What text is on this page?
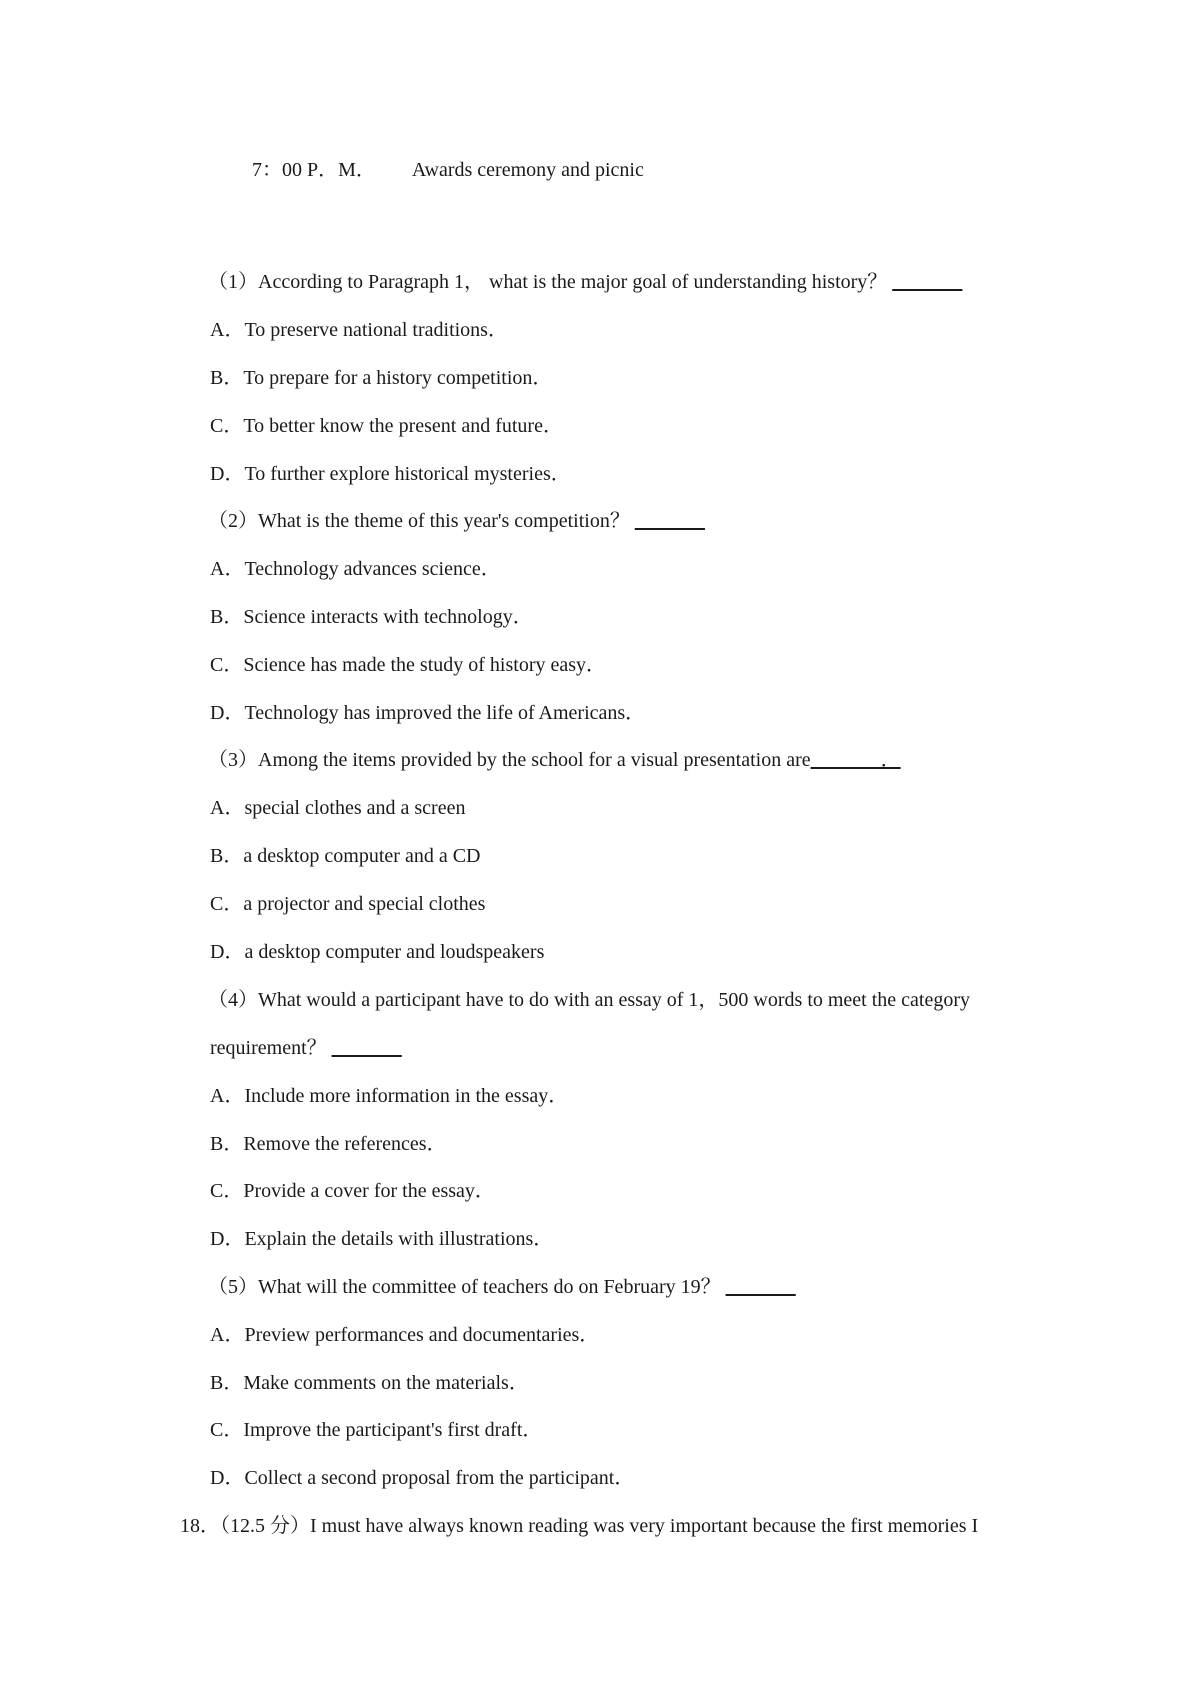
7：00 P．M． Awards ceremony and picnic
（1）According to Paragraph 1， what is the major goal of understanding history？ _______
A．To preserve national traditions．
B．To prepare for a history competition．
C．To better know the present and future．
D．To further explore historical mysteries．
（2）What is the theme of this year's competition？ _______
A．Technology advances science．
B．Science interacts with technology．
C．Science has made the study of history easy．
D．Technology has improved the life of Americans．
（3）Among the items provided by the school for a visual presentation are_______．
A．special clothes and a screen
B．a desktop computer and a CD
C．a projector and special clothes
D．a desktop computer and loudspeakers
（4）What would a participant have to do with an essay of 1，500 words to meet the category
requirement？ _______
A．Include more information in the essay．
B．Remove the references．
C．Provide a cover for the essay．
D．Explain the details with illustrations．
（5）What will the committee of teachers do on February 19？ _______
A．Preview performances and documentaries．
B．Make comments on the materials．
C．Improve the participant's first draft．
D．Collect a second proposal from the participant．
18．（12.5 分）I must have always known reading was very important because the first memories I
